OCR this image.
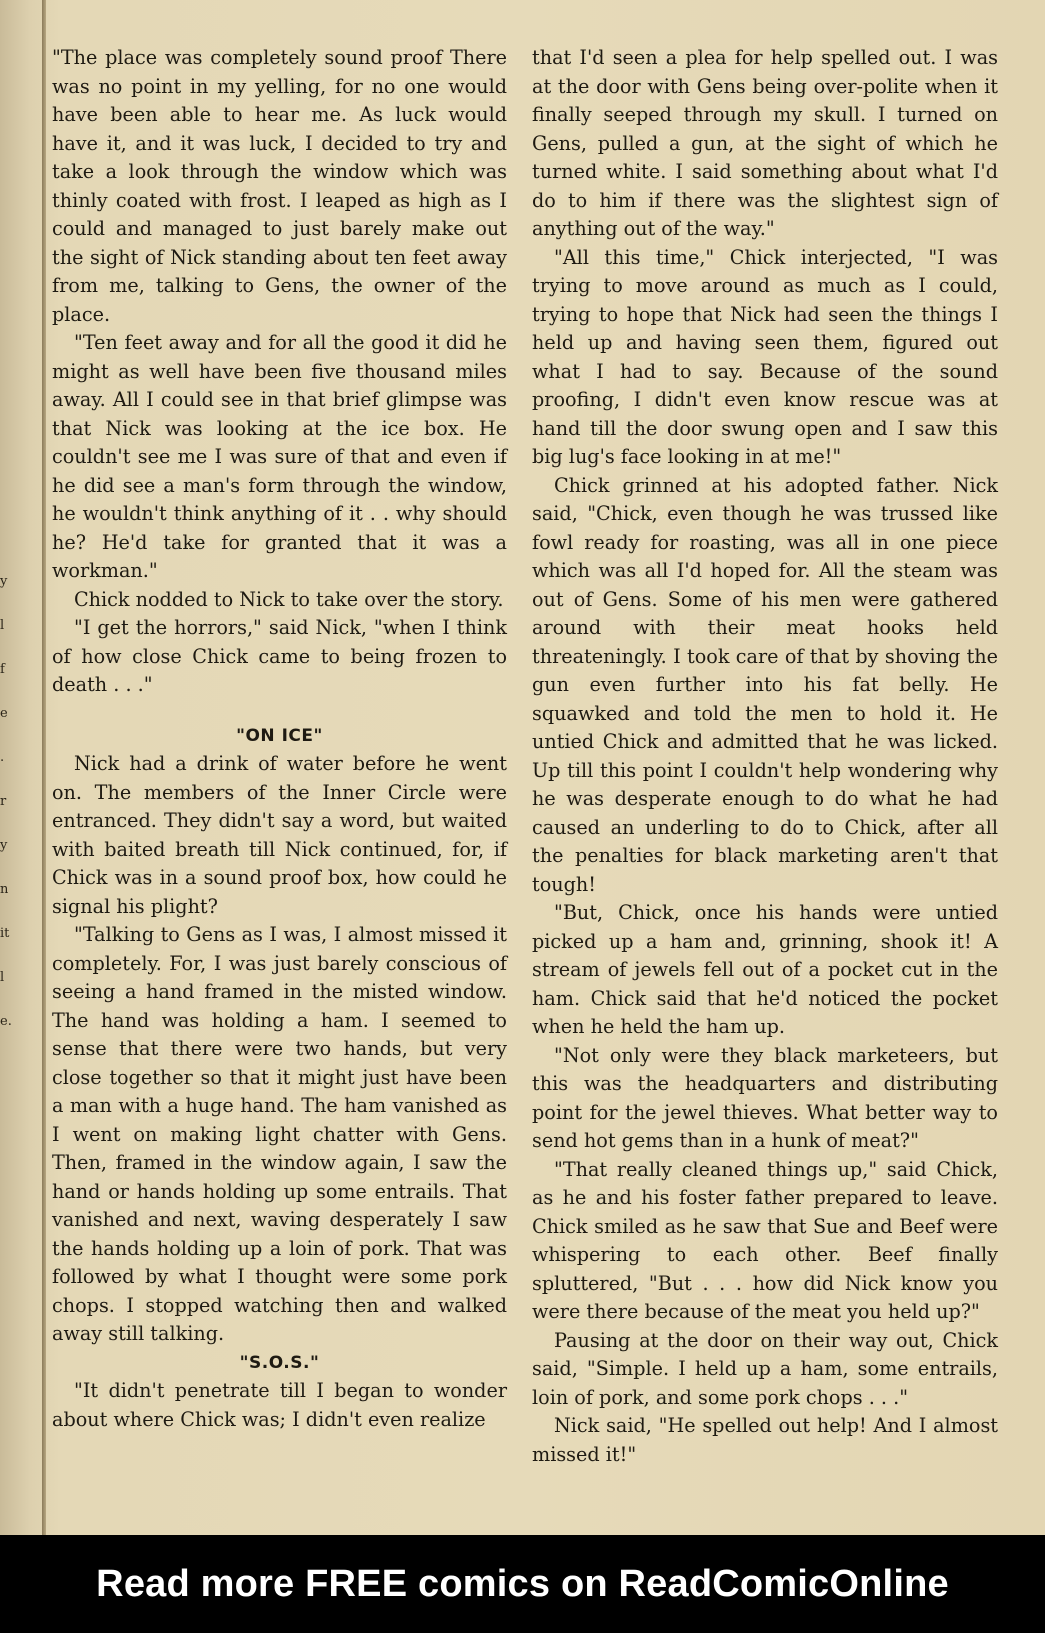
y
l
f
e
.
r
y
n
it
l
e.

"The place was completely sound proof There was no point in my yelling, for no one would have been able to hear me. As luck would have it, and it was luck, I decided to try and take a look through the window which was thinly coated with frost. I leaped as high as I could and managed to just barely make out the sight of Nick standing about ten feet away from me, talking to Gens, the owner of the place.

"Ten feet away and for all the good it did he might as well have been five thousand miles away. All I could see in that brief glimpse was that Nick was looking at the ice box. He couldn't see me I was sure of that and even if he did see a man's form through the window, he wouldn't think anything of it . . why should he? He'd take for granted that it was a workman."

Chick nodded to Nick to take over the story.

"I get the horrors," said Nick, "when I think of how close Chick came to being frozen to death . . ."

"ON ICE"

Nick had a drink of water before he went on. The members of the Inner Circle were entranced. They didn't say a word, but waited with baited breath till Nick continued, for, if Chick was in a sound proof box, how could he signal his plight?

"Talking to Gens as I was, I almost missed it completely. For, I was just barely conscious of seeing a hand framed in the misted window. The hand was holding a ham. I seemed to sense that there were two hands, but very close together so that it might just have been a man with a huge hand. The ham vanished as I went on making light chatter with Gens. Then, framed in the window again, I saw the hand or hands holding up some entrails. That vanished and next, waving desperately I saw the hands holding up a loin of pork. That was followed by what I thought were some pork chops. I stopped watching then and walked away still talking.

"S.O.S."

"It didn't penetrate till I began to wonder about where Chick was; I didn't even realize

that I'd seen a plea for help spelled out. I was at the door with Gens being over-polite when it finally seeped through my skull. I turned on Gens, pulled a gun, at the sight of which he turned white. I said something about what I'd do to him if there was the slightest sign of anything out of the way."

"All this time," Chick interjected, "I was trying to move around as much as I could, trying to hope that Nick had seen the things I held up and having seen them, figured out what I had to say. Because of the sound proofing, I didn't even know rescue was at hand till the door swung open and I saw this big lug's face looking in at me!"

Chick grinned at his adopted father. Nick said, "Chick, even though he was trussed like fowl ready for roasting, was all in one piece which was all I'd hoped for. All the steam was out of Gens. Some of his men were gathered around with their meat hooks held threateningly. I took care of that by shoving the gun even further into his fat belly. He squawked and told the men to hold it. He untied Chick and admitted that he was licked. Up till this point I couldn't help wondering why he was desperate enough to do what he had caused an underling to do to Chick, after all the penalties for black marketing aren't that tough!

"But, Chick, once his hands were untied picked up a ham and, grinning, shook it! A stream of jewels fell out of a pocket cut in the ham. Chick said that he'd noticed the pocket when he held the ham up.

"Not only were they black marketeers, but this was the headquarters and distributing point for the jewel thieves. What better way to send hot gems than in a hunk of meat?"

"That really cleaned things up," said Chick, as he and his foster father prepared to leave. Chick smiled as he saw that Sue and Beef were whispering to each other. Beef finally spluttered, "But . . . how did Nick know you were there because of the meat you held up?"

Pausing at the door on their way out, Chick said, "Simple. I held up a ham, some entrails, loin of pork, and some pork chops . . ."

Nick said, "He spelled out help! And I almost missed it!"

Read more FREE comics on ReadComicOnline
